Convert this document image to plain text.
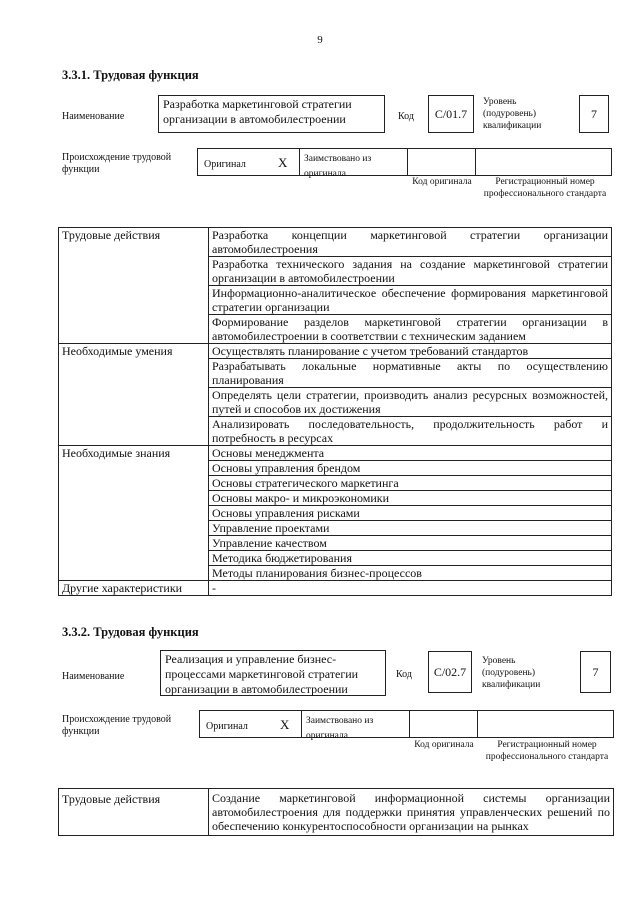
9
3.3.1. Трудовая функция
Наименование
Разработка маркетинговой стратегии организации в автомобилестроении	Код	С/01.7
Уровень (подуровень) квалификации
7
Происхождение трудовой функции	Оригинал X	Заимствовано из оригинала
Код оригинала	Регистрационный номер профессионального стандарта
Трудовые действия	Разработка концепции маркетинговой стратегии организации автомобилестроения
	Разработка технического задания на создание маркетинговой стратегии организации в автомобилестроении
	Информационно-аналитическое обеспечение формирования маркетинговой стратегии организации
	Формирование разделов маркетинговой стратегии организации в автомобилестроении в соответствии с техническим заданием
Необходимые умения	Осуществлять планирование с учетом требований стандартов
	Разрабатывать локальные нормативные акты по осуществлению планирования
	Определять цели стратегии, производить анализ ресурсных возможностей, путей и способов их достижения
	Анализировать последовательность, продолжительность работ и потребность в ресурсах
Необходимые знания	Основы менеджмента
	Основы управления брендом
	Основы стратегического маркетинга
	Основы макро- и микроэкономики
	Основы управления рисками
	Управление проектами
	Управление качеством
	Методика бюджетирования
	Методы планирования бизнес-процессов
Другие характеристики	-
3.3.2. Трудовая функция
Наименование
Реализация и управление бизнес-процессами маркетинговой стратегии организации в автомобилестроении
Код	С/02.7
Уровень (подуровень) квалификации
7
Происхождение трудовой функции	Оригинал X	Заимствовано из оригинала
Код оригинала	Регистрационный номер профессионального стандарта
Трудовые действия	Создание маркетинговой информационной системы организации автомобилестроения для поддержки принятия управленческих решений по обеспечению конкурентоспособности организации на рынках
